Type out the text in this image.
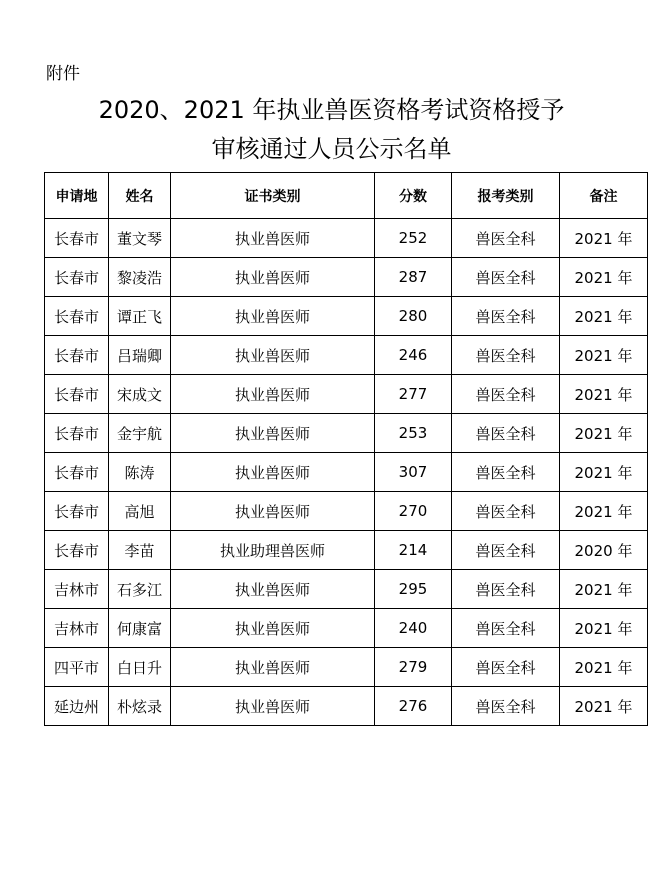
附件
2020、2021 年执业兽医资格考试资格授予
审核通过人员公示名单
申请地	姓名	证书类别	分数	报考类别	备注
长春市	董文琴	执业兽医师	252	兽医全科	2021 年
长春市	黎凌浩	执业兽医师	287	兽医全科	2021 年
长春市	谭正飞	执业兽医师	280	兽医全科	2021 年
长春市	吕瑞卿	执业兽医师	246	兽医全科	2021 年
长春市	宋成文	执业兽医师	277	兽医全科	2021 年
长春市	金宇航	执业兽医师	253	兽医全科	2021 年
长春市	陈涛	执业兽医师	307	兽医全科	2021 年
长春市	高旭	执业兽医师	270	兽医全科	2021 年
长春市	李苗	执业助理兽医师	214	兽医全科	2020 年
吉林市	石多江	执业兽医师	295	兽医全科	2021 年
吉林市	何康富	执业兽医师	240	兽医全科	2021 年
四平市	白日升	执业兽医师	279	兽医全科	2021 年
延边州	朴炫录	执业兽医师	276	兽医全科	2021 年
